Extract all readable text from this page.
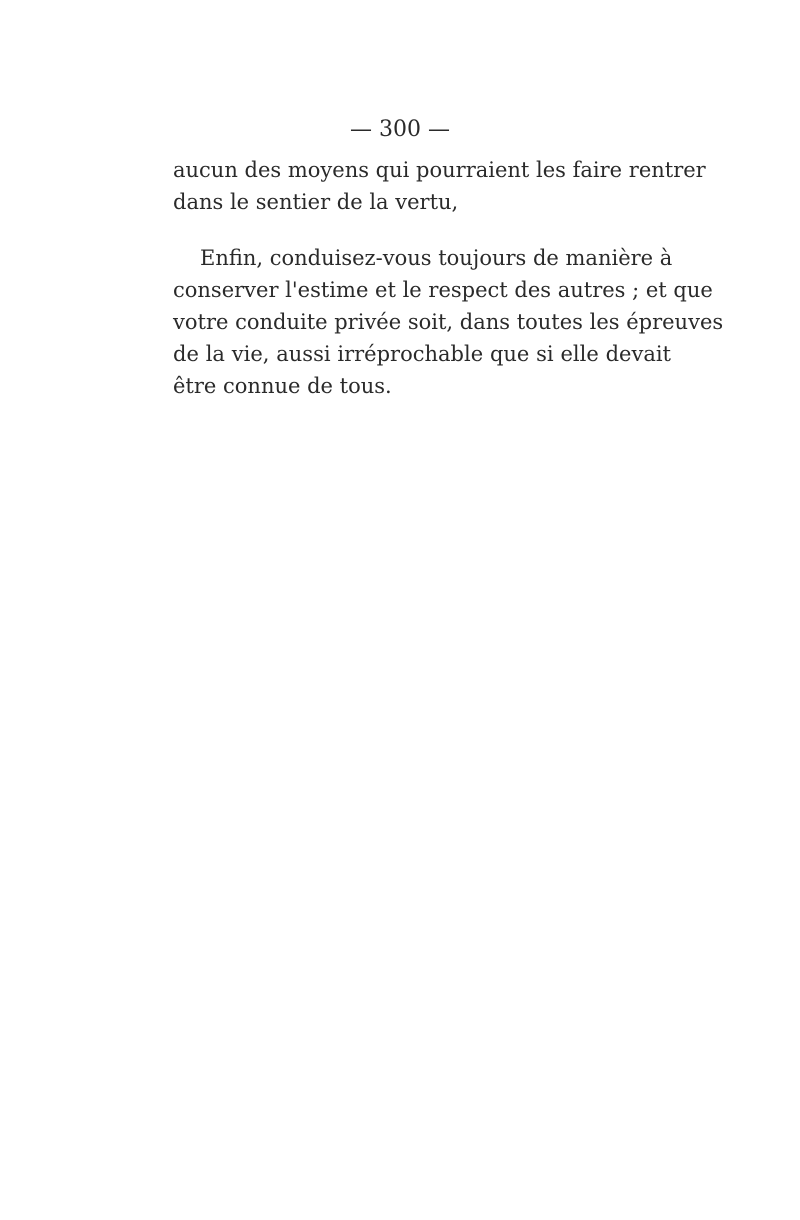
— 300 —
aucun des moyens qui pourraient les faire rentrer
dans le sentier de la vertu,
Enfin, conduisez-vous toujours de manière à
conserver l'estime et le respect des autres ; et que
votre conduite privée soit, dans toutes les épreuves
de la vie, aussi irréprochable que si elle devait
être connue de tous.
